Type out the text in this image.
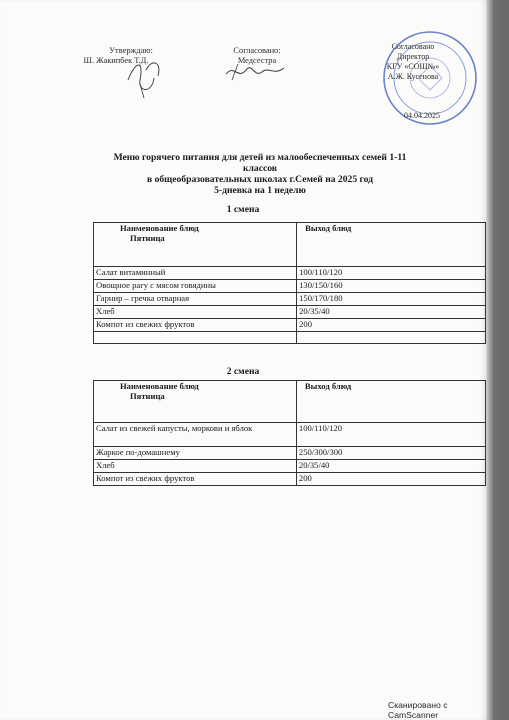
Утверждаю:
Ш. Жакипбек Т.Д.
Согласовано:
Медсестра
Согласовано
Директор
КГУ «СОШ№»
А.Ж. Кусенова
04.04.2025
Меню горячего питания для детей из малообеспеченных семей 1-11
классов
в общеобразовательных школах г.Семей на 2025 год
5-дневка на 1 неделю
1 смена
Наименование блюд
Пятница	Выход блюд
Салат витаминный	100/110/120
Овощное рагу с мясом говядины	130/150/160
Гарнир – гречка отварная	150/170/180
Хлеб	20/35/40
Компот из свежих фруктов	200

2 смена
Наименование блюд
Пятница	Выход блюд
Салат из свежей капусты, моркови и яблок	100/110/120
Жаркое по-домашнему	250/300/300
Хлеб	20/35/40
Компот из свежих фруктов	200
Сканировано с CamScanner
